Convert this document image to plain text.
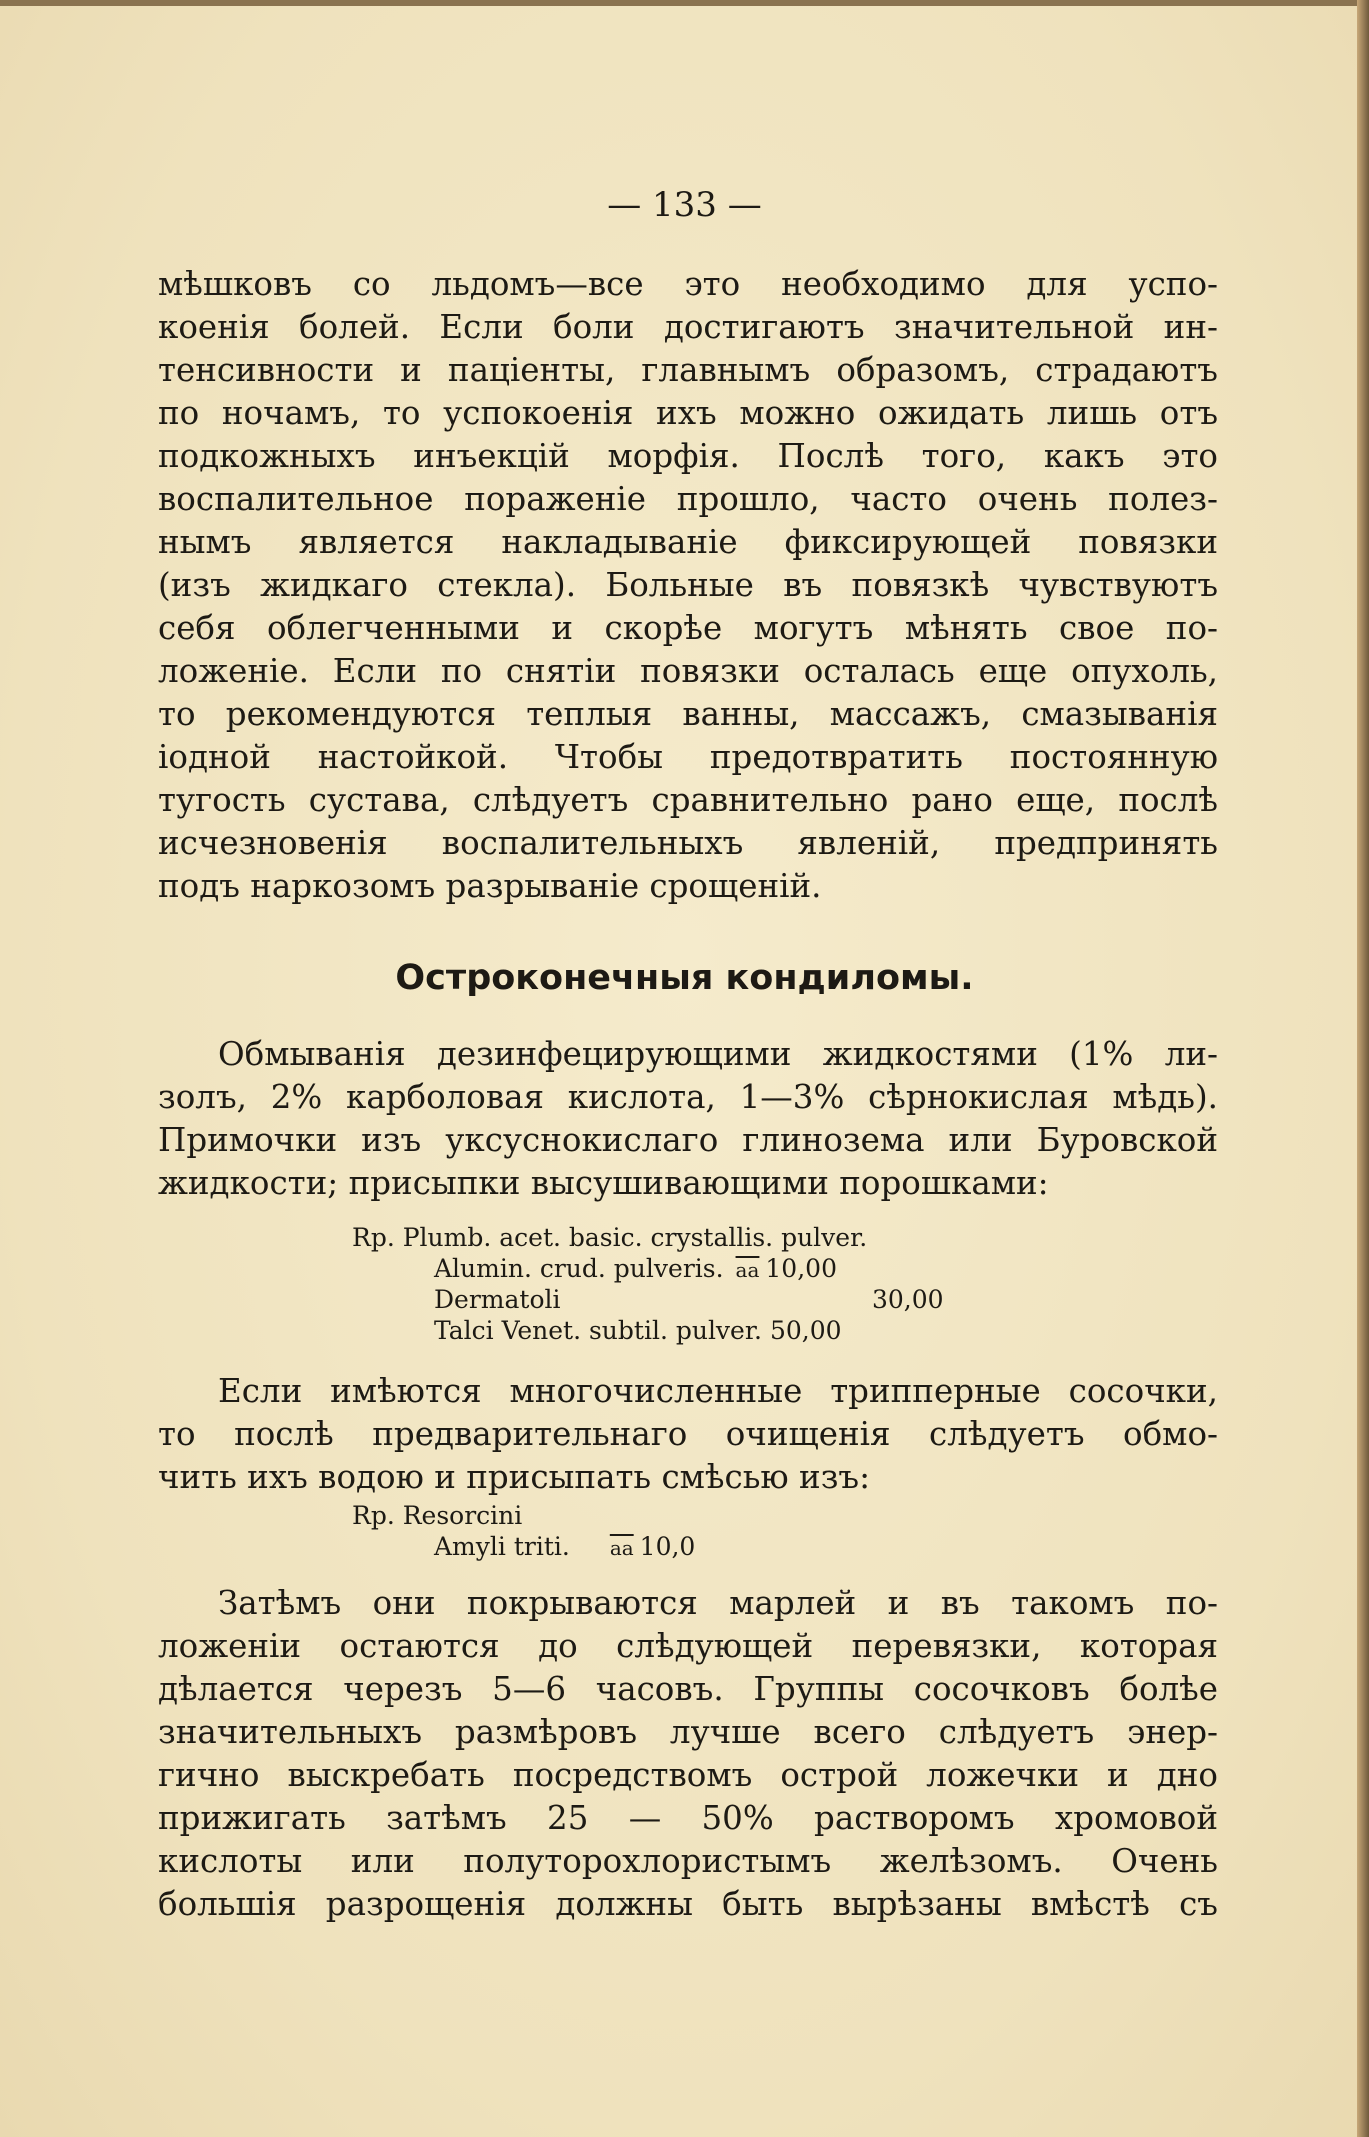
— 133 —
мѣшковъ со льдомъ—все это необходимо для успо-
коенія болей. Если боли достигаютъ значительной ин-
тенсивности и паціенты, главнымъ образомъ, страдаютъ
по ночамъ, то успокоенія ихъ можно ожидать лишь отъ
подкожныхъ инъекцій морфія. Послѣ того, какъ это
воспалительное пораженіе прошло, часто очень полез-
нымъ является накладываніе фиксирующей повязки
(изъ жидкаго стекла). Больные въ повязкѣ чувствуютъ
себя облегченными и скорѣе могутъ мѣнять свое по-
ложеніе. Если по снятіи повязки осталась еще опухоль,
то рекомендуются теплыя ванны, массажъ, смазыванія
іодной настойкой. Чтобы предотвратить постоянную
тугость сустава, слѣдуетъ сравнительно рано еще, послѣ
исчезновенія воспалительныхъ явленій, предпринять
подъ наркозомъ разрываніе срощеній.
Остроконечныя кондиломы.
Обмыванія дезинфецирующими жидкостями (1% ли-
золъ, 2% карболовая кислота, 1—3% сѣрнокислая мѣдь).
Примочки изъ уксуснокислаго глинозема или Буровской
жидкости; присыпки высушивающими порошками:
Rp. Plumb. acet. basic. crystallis. pulver.
Alumin. crud. pulveris. $\overline{aa}$ 10,00
Dermatoli	30,00
Talci Venet. subtil. pulver. 50,00
Если имѣются многочисленные трипперные сосочки,
то послѣ предварительнаго очищенія слѣдуетъ обмо-
чить ихъ водою и присыпать смѣсью изъ:
Rp. Resorcini
Amyli triti. $\overline{aa}$ 10,0
Затѣмъ они покрываются марлей и въ такомъ по-
ложеніи остаются до слѣдующей перевязки, которая
дѣлается черезъ 5—6 часовъ. Группы сосочковъ болѣе
значительныхъ размѣровъ лучше всего слѣдуетъ энер-
гично выскребать посредствомъ острой ложечки и дно
прижигать затѣмъ 25 — 50% растворомъ хромовой
кислоты или полуторохлористымъ желѣзомъ. Очень
большія разрощенія должны быть вырѣзаны вмѣстѣ съ
